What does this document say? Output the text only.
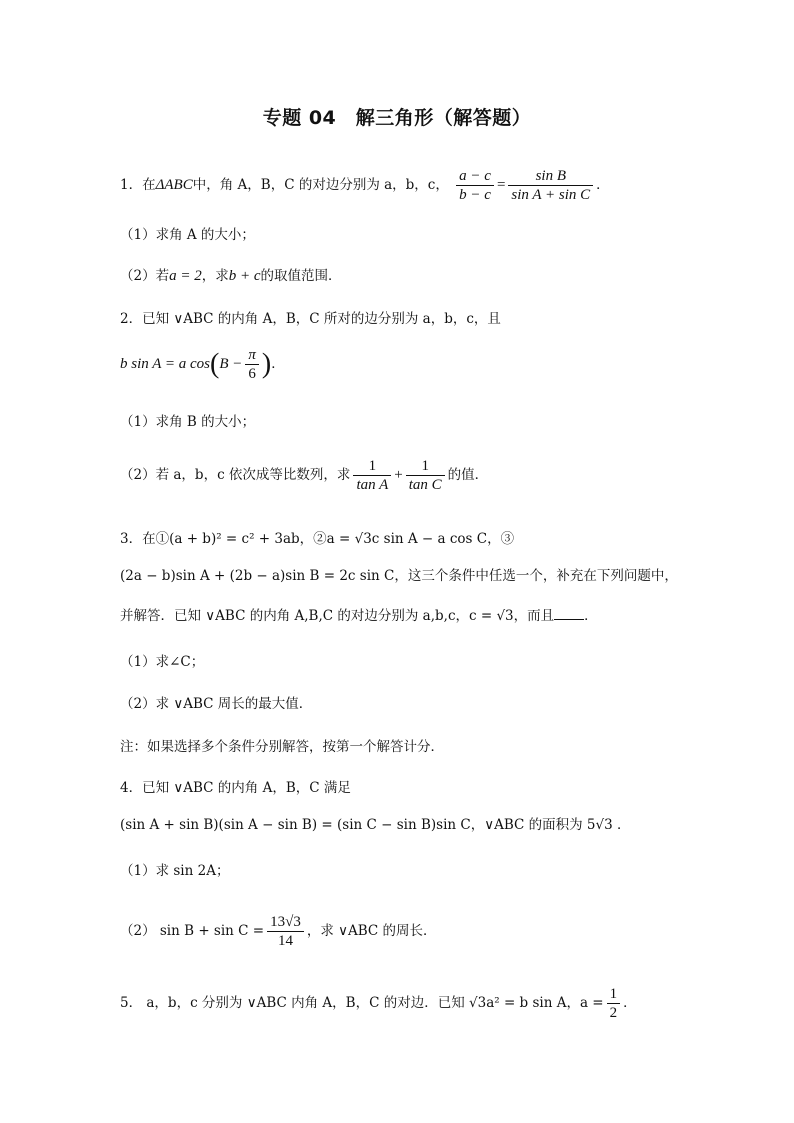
专题 04　解三角形（解答题）
1．在ΔABC中，角 A，B，C 的对边分别为 a，b，c， $\frac{a - c}{b - c} = \frac{\text{sin B}}{\text{sin A + sin C}}$ ．
（1）求角 A 的大小；
（2）若a = 2，求b + c的取值范围．
2．已知 ∨ABC 的内角 A，B，C 所对的边分别为 a，b，c，且
b sin A = a $\cos(B - \frac{\pi}{6}$ )．
（1）求角 B 的大小；
（2）若 a，b，c 依次成等比数列，求 $\frac{1}{\text{tan A}} + \frac{1}{\text{tan C}}$ 的值．
3．在①(a + b)² = c² + 3ab，②a = √3c sin A − a cos C，③
(2a − b)sin A + (2b − a)sin B = 2c sin C，这三个条件中任选一个，补充在下列问题中，
并解答．已知 ∨ABC 的内角 A,B,C 的对边分别为 a,b,c，c = √3，而且 ．
（1）求∠C；
（2）求 ∨ABC 周长的最大值．
注：如果选择多个条件分别解答，按第一个解答计分．
4．已知 ∨ABC 的内角 A，B，C 满足
(sin A + sin B)(sin A − sin B) = (sin C − sin B)sin C，∨ABC 的面积为 5√3 ．
（1）求 sin 2A；
（2） $\sin B + \sin C = \frac{13√3}{14}$ ，求 ∨ABC 的周长．
5． a，b，c 分别为 ∨ABC 内角 A，B，C 的对边．已知 √3a² = b sin A，$a = \frac{1}{2}$ ．
